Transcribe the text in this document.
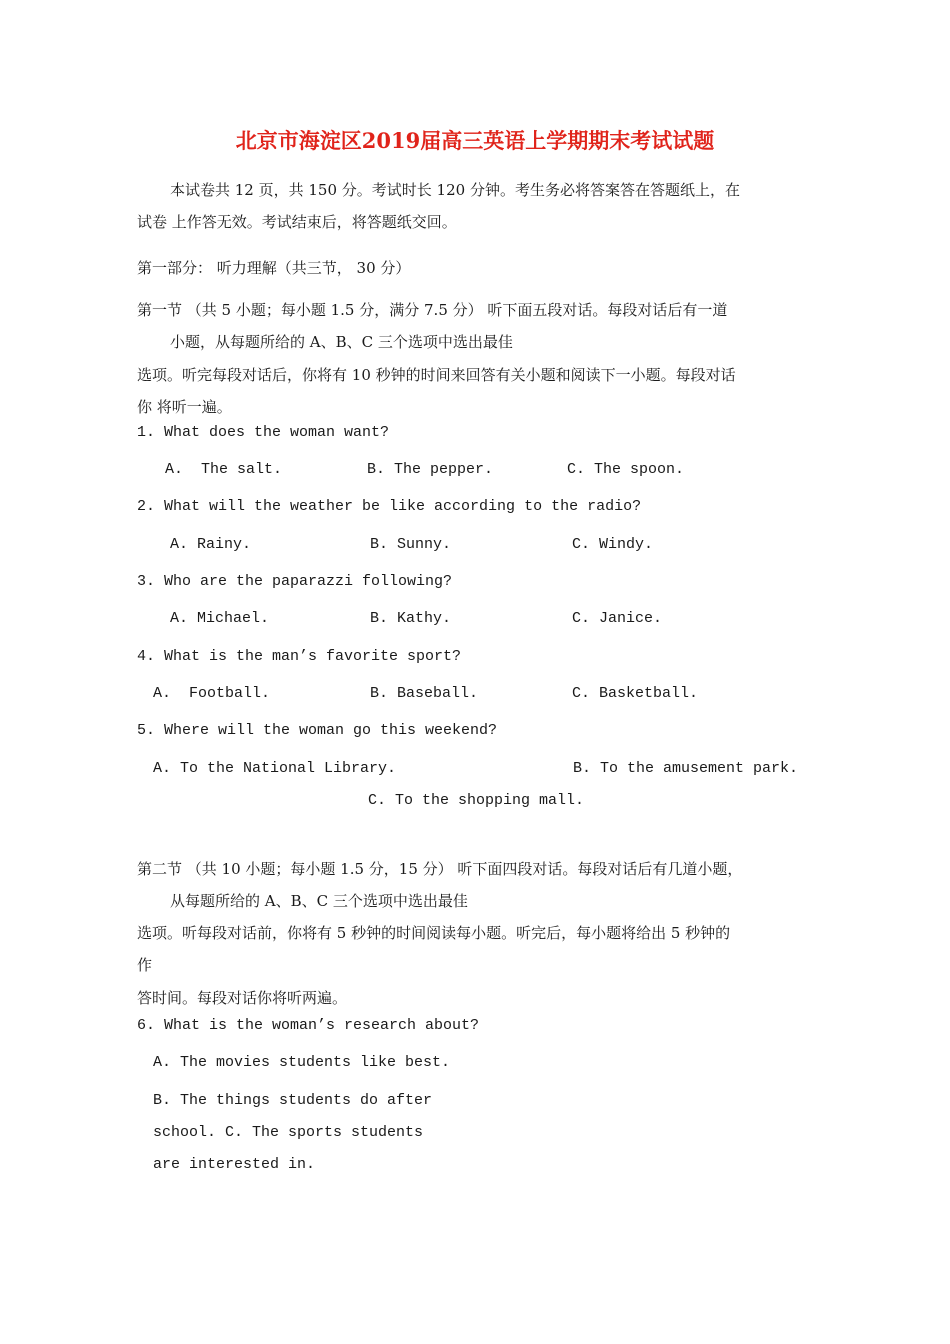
北京市海淀区2019届高三英语上学期期末考试试题
本试卷共 12 页，共 150 分。考试时长 120 分钟。考生务必将答案答在答题纸上，在
试卷 上作答无效。考试结束后，将答题纸交回。
第一部分： 听力理解（共三节， 30 分）
第一节 （共 5 小题；每小题 1.5 分，满分 7.5 分） 听下面五段对话。每段对话后有一道
小题，从每题所给的 A、B、C 三个选项中选出最佳
选项。听完每段对话后，你将有 10 秒钟的时间来回答有关小题和阅读下一小题。每段对话
你 将听一遍。
1. What does the woman want?
A.  The salt.	B. The pepper.	C. The spoon.
2. What will the weather be like according to the radio?
A. Rainy.	B. Sunny.	C. Windy.
3. Who are the paparazzi following?
A. Michael.	B. Kathy.	C. Janice.
4. What is the man’s favorite sport?
A.  Football.	B. Baseball.	C. Basketball.
5. Where will the woman go this weekend?
A. To the National Library.	B. To the amusement park.
C. To the shopping mall.
第二节 （共 10 小题；每小题 1.5 分，15 分） 听下面四段对话。每段对话后有几道小题，
从每题所给的 A、B、C 三个选项中选出最佳
选项。听每段对话前，你将有 5 秒钟的时间阅读每小题。听完后，每小题将给出 5 秒钟的
作
答时间。每段对话你将听两遍。
6. What is the woman’s research about?
A. The movies students like best.
B. The things students do after
school. C. The sports students
are interested in.
